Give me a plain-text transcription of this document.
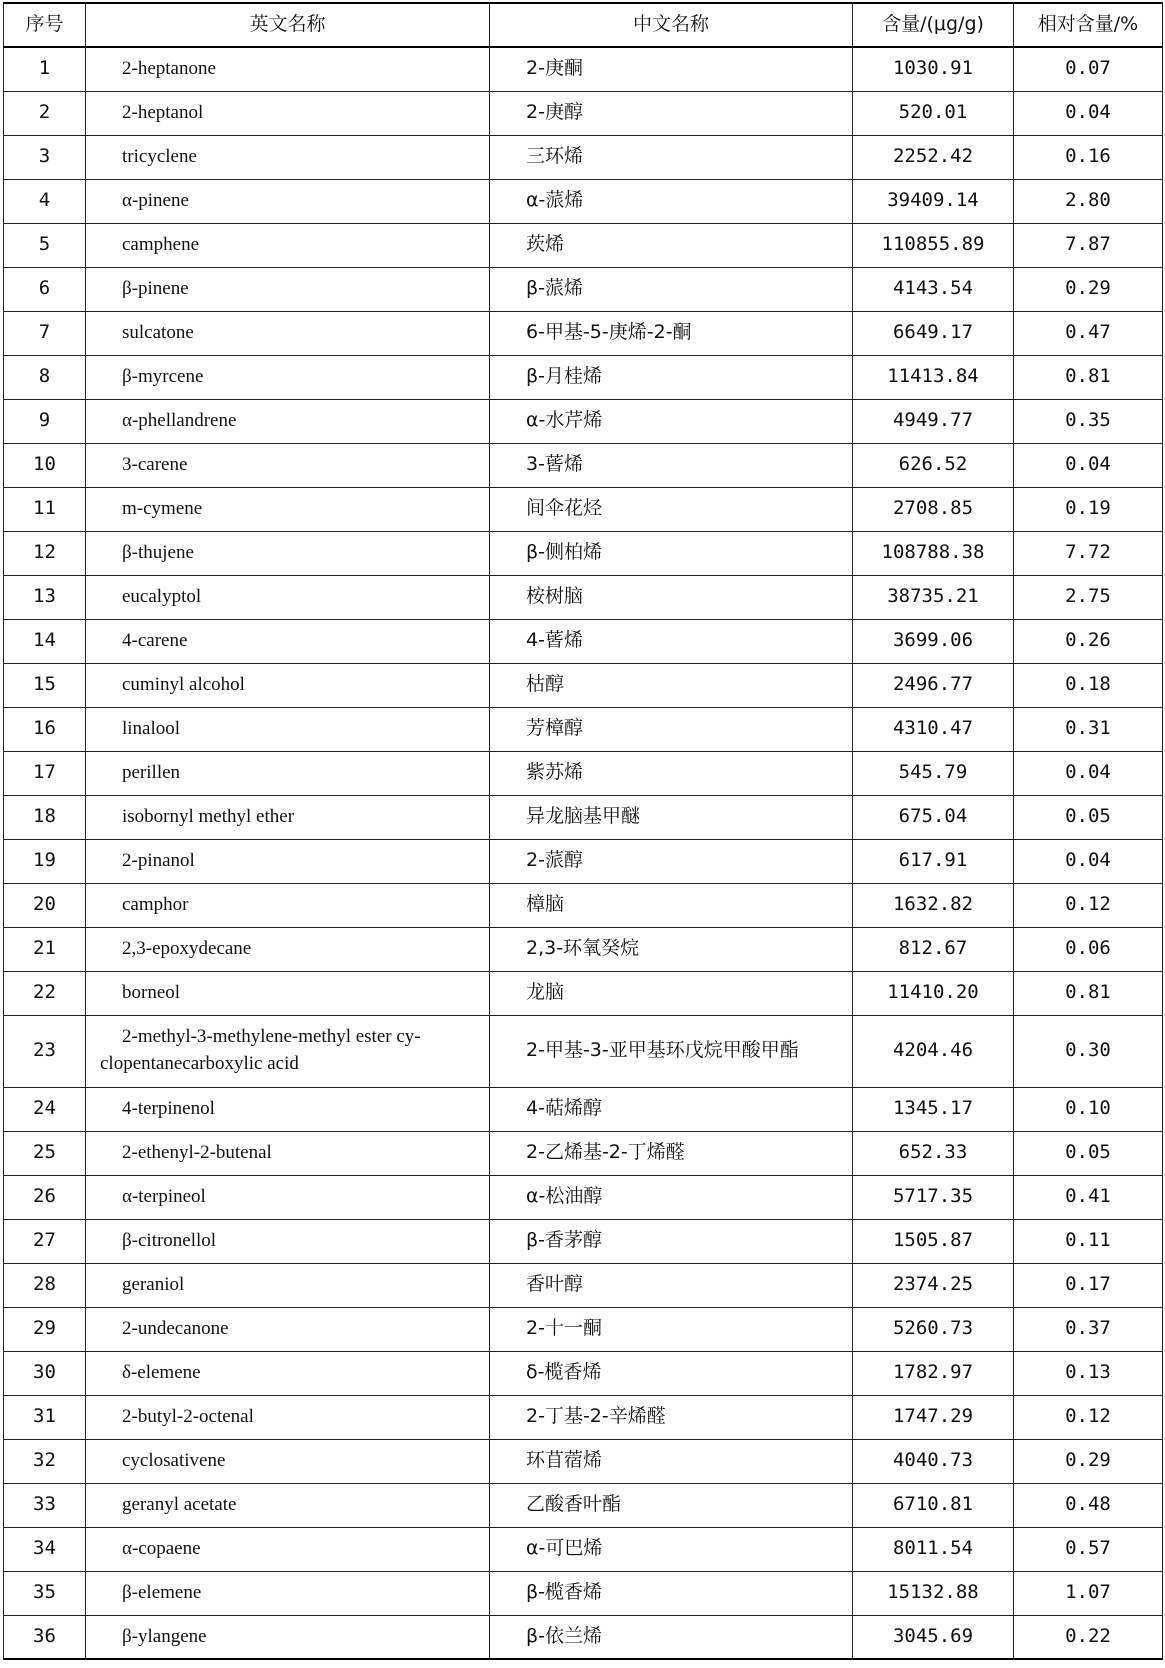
序号	英文名称	中文名称	含量/(μg/g)	相对含量/%
1	2-heptanone	2-庚酮	1030.91	0.07
2	2-heptanol	2-庚醇	520.01	0.04
3	tricyclene	三环烯	2252.42	0.16
4	α-pinene	α-蒎烯	39409.14	2.80
5	camphene	莰烯	110855.89	7.87
6	β-pinene	β-蒎烯	4143.54	0.29
7	sulcatone	6-甲基-5-庚烯-2-酮	6649.17	0.47
8	β-myrcene	β-月桂烯	11413.84	0.81
9	α-phellandrene	α-水芹烯	4949.77	0.35
10	3-carene	3-蒈烯	626.52	0.04
11	m-cymene	间伞花烃	2708.85	0.19
12	β-thujene	β-侧柏烯	108788.38	7.72
13	eucalyptol	桉树脑	38735.21	2.75
14	4-carene	4-蒈烯	3699.06	0.26
15	cuminyl alcohol	枯醇	2496.77	0.18
16	linalool	芳樟醇	4310.47	0.31
17	perillen	紫苏烯	545.79	0.04
18	isobornyl methyl ether	异龙脑基甲醚	675.04	0.05
19	2-pinanol	2-蒎醇	617.91	0.04
20	camphor	樟脑	1632.82	0.12
21	2,3-epoxydecane	2,3-环氧癸烷	812.67	0.06
22	borneol	龙脑	11410.20	0.81
23	2-methyl-3-methylene-methyl ester cy-
clopentanecarboxylic acid	2-甲基-3-亚甲基环戊烷甲酸甲酯	4204.46	0.30
24	4-terpinenol	4-萜烯醇	1345.17	0.10
25	2-ethenyl-2-butenal	2-乙烯基-2-丁烯醛	652.33	0.05
26	α-terpineol	α-松油醇	5717.35	0.41
27	β-citronellol	β-香茅醇	1505.87	0.11
28	geraniol	香叶醇	2374.25	0.17
29	2-undecanone	2-十一酮	5260.73	0.37
30	δ-elemene	δ-榄香烯	1782.97	0.13
31	2-butyl-2-octenal	2-丁基-2-辛烯醛	1747.29	0.12
32	cyclosativene	环苜蓿烯	4040.73	0.29
33	geranyl acetate	乙酸香叶酯	6710.81	0.48
34	α-copaene	α-可巴烯	8011.54	0.57
35	β-elemene	β-榄香烯	15132.88	1.07
36	β-ylangene	β-依兰烯	3045.69	0.22
